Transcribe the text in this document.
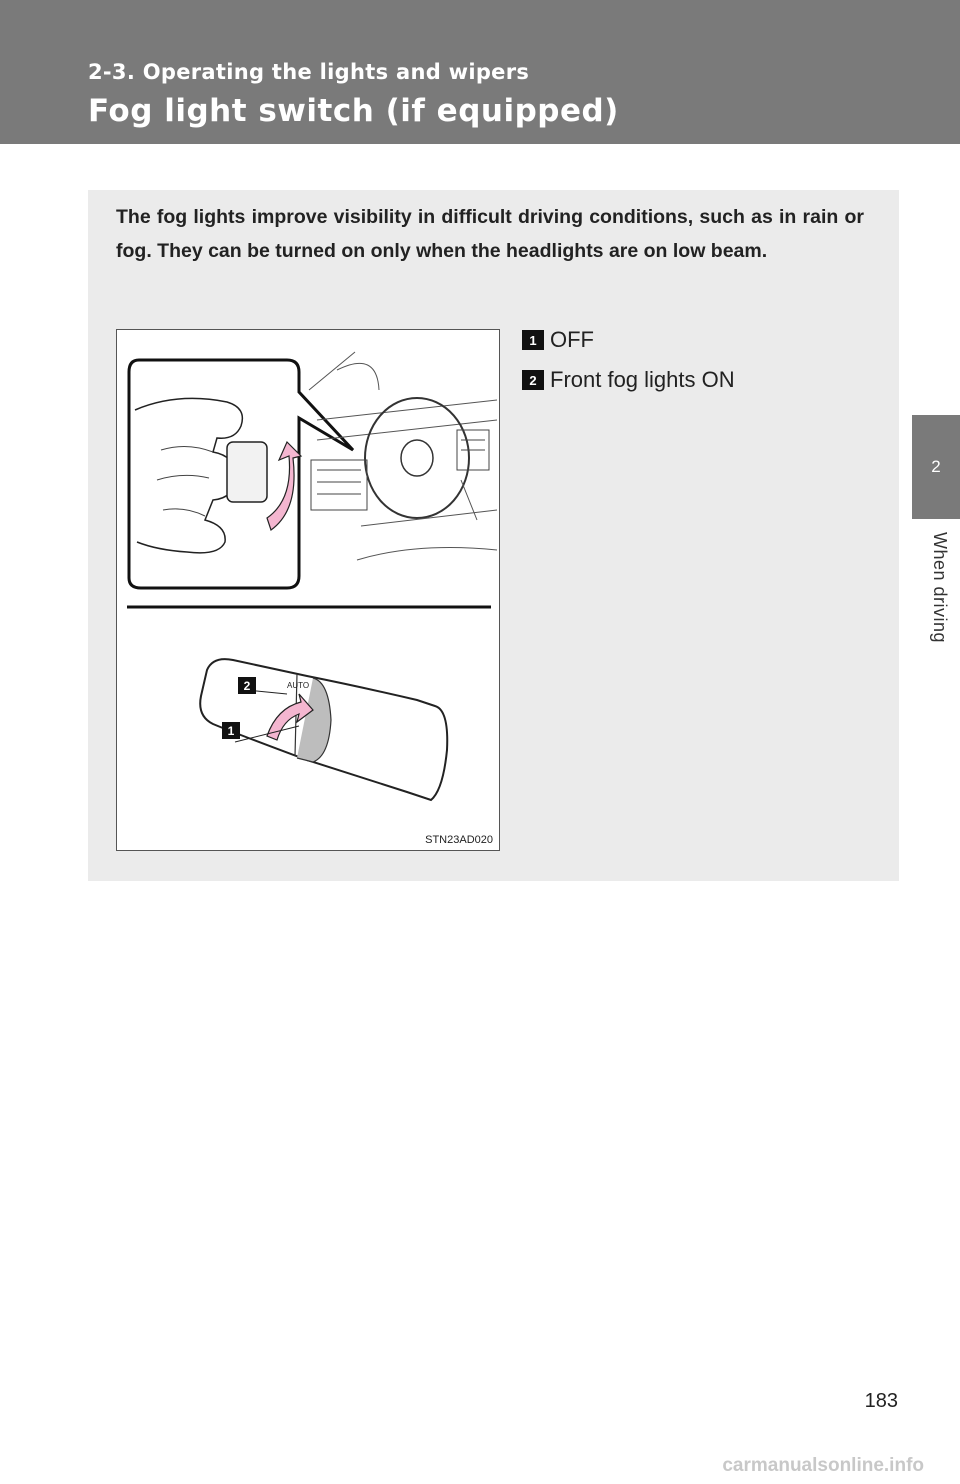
2-3. Operating the lights and wipers
Fog light switch (if equipped)
2
When driving

The fog lights improve visibility in difficult driving conditions, such as in rain or fog. They can be turned on only when the headlights are on low beam.

AUTO
2
1
STN23AD020
1 OFF
2 Front fog lights ON
183
carmanualsonline.info
